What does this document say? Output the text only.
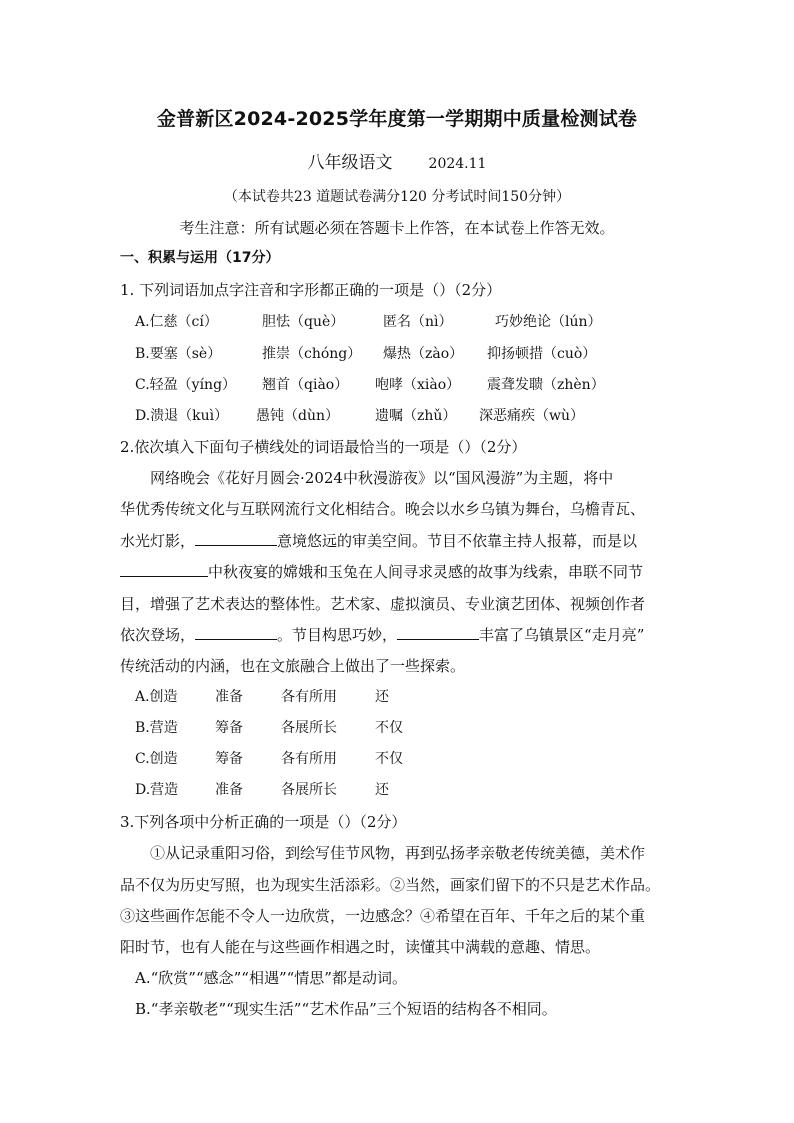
金普新区2024-2025学年度第一学期期中质量检测试卷
八年级语文	2024.11
（本试卷共23 道题试卷满分120 分考试时间150分钟）
考生注意：所有试题必须在答题卡上作答，在本试卷上作答无效。
一、积累与运用（17分）
1. 下列词语加点字注音和字形都正确的一项是（）（2分）
A.仁慈（cí）	胆怯（què）	匿名（nì）	巧妙绝论（lún）
B.要塞（sè）	推崇（chóng） 爆热（zào） 抑扬顿措（cuò）
C.轻盈（yíng） 翘首（qiào） 咆哮（xiào） 震聋发聩（zhèn）
D.溃退（kuì） 愚钝（dùn）	遗嘱（zhǔ） 深恶痛疾（wù）
2.依次填入下面句子横线处的词语最恰当的一项是（）（2分）
网络晚会《花好月圆会·2024中秋漫游夜》以“国风漫游”为主题，将中
华优秀传统文化与互联网流行文化相结合。晚会以水乡乌镇为舞台，乌檐青瓦、
水光灯影，	意境悠远的审美空间。节目不依靠主持人报幕，而是以
中秋夜宴的嫦娥和玉兔在人间寻求灵感的故事为线索，串联不同节
目，增强了艺术表达的整体性。艺术家、虚拟演员、专业演艺团体、视频创作者
依次登场，	。节目构思巧妙，	丰富了乌镇景区“走月亮”
传统活动的内涵，也在文旅融合上做出了一些探索。
A.创造	准备	各有所用	还
B.营造	筹备	各展所长	不仅
C.创造	筹备	各有所用	不仅
D.营造	准备	各展所长	还
3.下列各项中分析正确的一项是（）（2分）
①从记录重阳习俗，到绘写佳节风物，再到弘扬孝亲敬老传统美德，美术作
品不仅为历史写照，也为现实生活添彩。②当然，画家们留下的不只是艺术作品。
③这些画作怎能不令人一边欣赏，一边感念？④希望在百年、千年之后的某个重
阳时节，也有人能在与这些画作相遇之时，读懂其中满载的意趣、情思。
A.“欣赏”“感念”“相遇”“情思”都是动词。
B.“孝亲敬老”“现实生活”“艺术作品”三个短语的结构各不相同。
